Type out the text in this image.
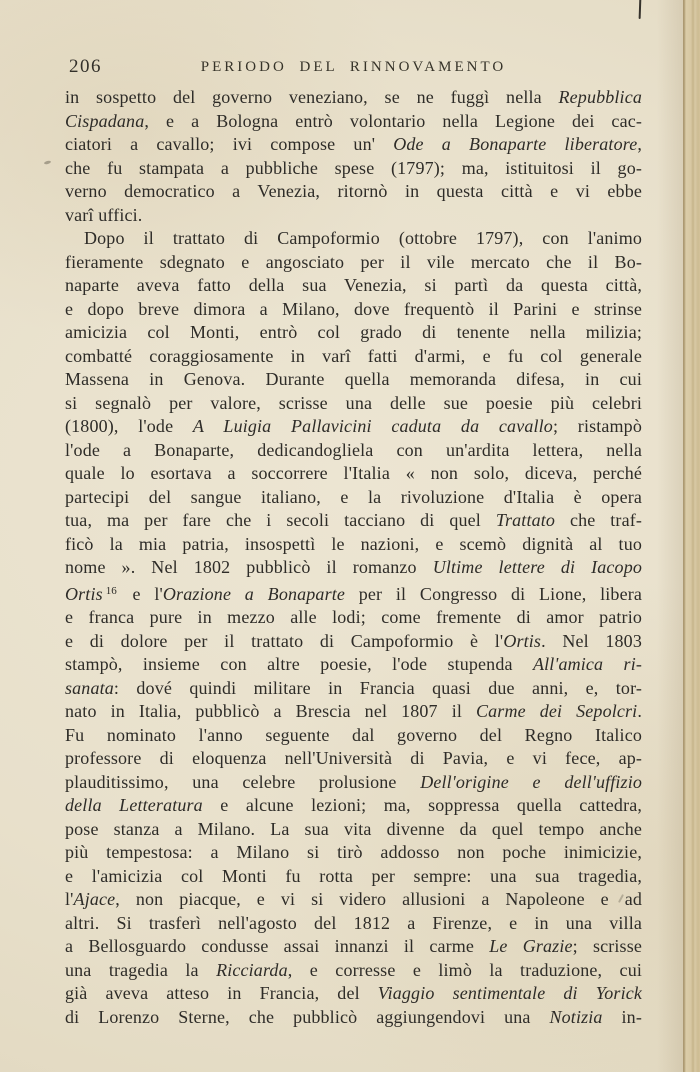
206	PERIODO DEL RINNOVAMENTO
in sospetto del governo veneziano, se ne fuggì nella Repubblica
Cispadana, e a Bologna entrò volontario nella Legione dei cac-
ciatori a cavallo; ivi compose un' Ode a Bonaparte liberatore,
che fu stampata a pubbliche spese (1797); ma, istituitosi il go-
verno democratico a Venezia, ritornò in questa città e vi ebbe
varî uffici.
Dopo il trattato di Campoformio (ottobre 1797), con l'animo
fieramente sdegnato e angosciato per il vile mercato che il Bo-
naparte aveva fatto della sua Venezia, si partì da questa città,
e dopo breve dimora a Milano, dove frequentò il Parini e strinse
amicizia col Monti, entrò col grado di tenente nella milizia;
combatté coraggiosamente in varî fatti d'armi, e fu col generale
Massena in Genova. Durante quella memoranda difesa, in cui
si segnalò per valore, scrisse una delle sue poesie più celebri
(1800), l'ode A Luigia Pallavicini caduta da cavallo; ristampò
l'ode a Bonaparte, dedicandogliela con un'ardita lettera, nella
quale lo esortava a soccorrere l'Italia « non solo, diceva, perché
partecipi del sangue italiano, e la rivoluzione d'Italia è opera
tua, ma per fare che i secoli tacciano di quel Trattato che traf-
ficò la mia patria, insospettì le nazioni, e scemò dignità al tuo
nome ». Nel 1802 pubblicò il romanzo Ultime lettere di Iacopo
Ortis $^{16}$ e l'Orazione a Bonaparte per il Congresso di Lione, libera
e franca pure in mezzo alle lodi; come fremente di amor patrio
e di dolore per il trattato di Campoformio è l'Ortis. Nel 1803
stampò, insieme con altre poesie, l'ode stupenda All'amica ri-
sanata: dové quindi militare in Francia quasi due anni, e, tor-
nato in Italia, pubblicò a Brescia nel 1807 il Carme dei Sepolcri.
Fu nominato l'anno seguente dal governo del Regno Italico
professore di eloquenza nell'Università di Pavia, e vi fece, ap-
plauditissimo, una celebre prolusione Dell'origine e dell'uffizio
della Letteratura e alcune lezioni; ma, soppressa quella cattedra,
pose stanza a Milano. La sua vita divenne da quel tempo anche
più tempestosa: a Milano si tirò addosso non poche inimicizie,
e l'amicizia col Monti fu rotta per sempre: una sua tragedia,
l'Ajace, non piacque, e vi si videro allusioni a Napoleone e ad
altri. Si trasferì nell'agosto del 1812 a Firenze, e in una villa
a Bellosguardo condusse assai innanzi il carme Le Grazie; scrisse
una tragedia la Ricciarda, e corresse e limò la traduzione, cui
già aveva atteso in Francia, del Viaggio sentimentale di Yorick
di Lorenzo Sterne, che pubblicò aggiungendovi una Notizia in-
